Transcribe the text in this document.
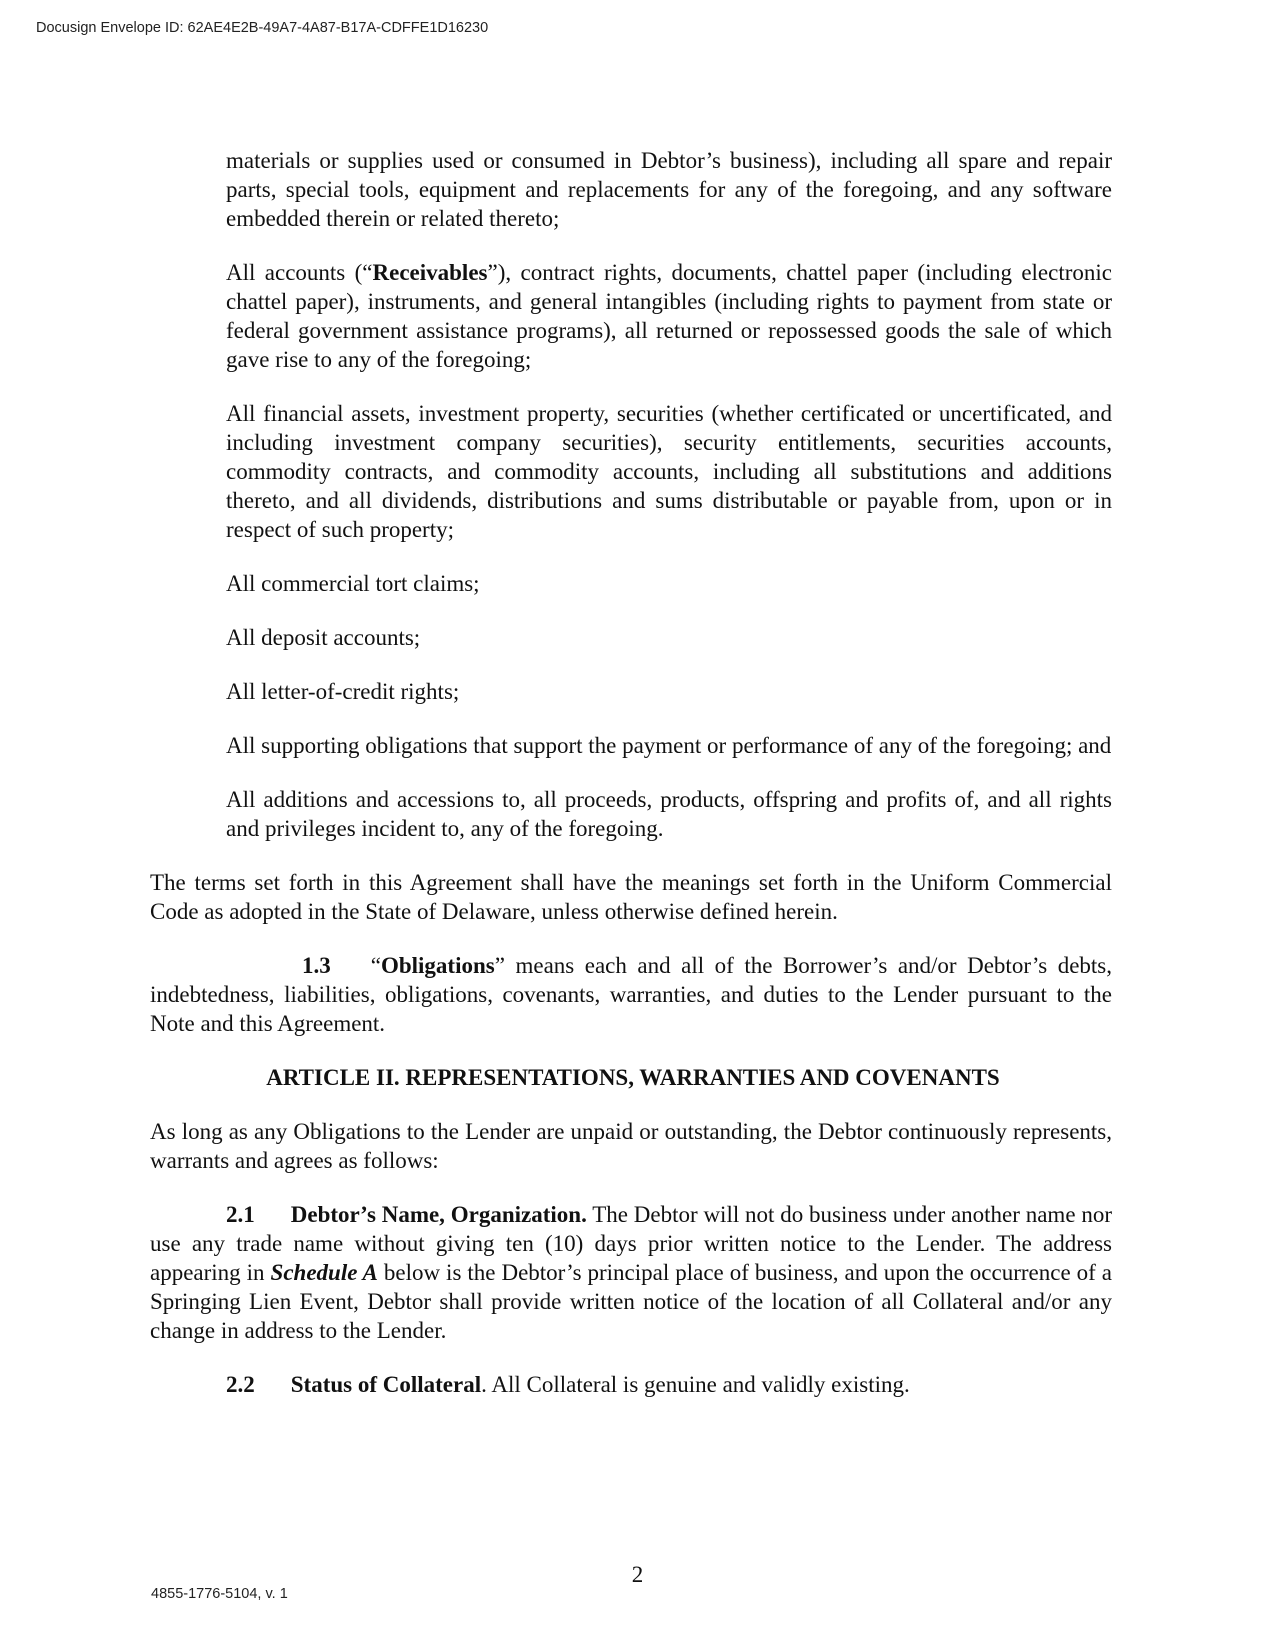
Docusign Envelope ID: 62AE4E2B-49A7-4A87-B17A-CDFFE1D16230

materials or supplies used or consumed in Debtor’s business), including all spare and repair parts, special tools, equipment and replacements for any of the foregoing, and any software embedded therein or related thereto;

All accounts (“Receivables”), contract rights, documents, chattel paper (including electronic chattel paper), instruments, and general intangibles (including rights to payment from state or federal government assistance programs), all returned or repossessed goods the sale of which gave rise to any of the foregoing;

All financial assets, investment property, securities (whether certificated or uncertificated, and including investment company securities), security entitlements, securities accounts, commodity contracts, and commodity accounts, including all substitutions and additions thereto, and all dividends, distributions and sums distributable or payable from, upon or in respect of such property;

All commercial tort claims;

All deposit accounts;

All letter-of-credit rights;

All supporting obligations that support the payment or performance of any of the foregoing; and

All additions and accessions to, all proceeds, products, offspring and profits of, and all rights and privileges incident to, any of the foregoing.

The terms set forth in this Agreement shall have the meanings set forth in the Uniform Commercial Code as adopted in the State of Delaware, unless otherwise defined herein.

1.3 “Obligations” means each and all of the Borrower’s and/or Debtor’s debts, indebtedness, liabilities, obligations, covenants, warranties, and duties to the Lender pursuant to the Note and this Agreement.

ARTICLE II. REPRESENTATIONS, WARRANTIES AND COVENANTS

As long as any Obligations to the Lender are unpaid or outstanding, the Debtor continuously represents, warrants and agrees as follows:

2.1 Debtor’s Name, Organization. The Debtor will not do business under another name nor use any trade name without giving ten (10) days prior written notice to the Lender. The address appearing in Schedule A below is the Debtor’s principal place of business, and upon the occurrence of a Springing Lien Event, Debtor shall provide written notice of the location of all Collateral and/or any change in address to the Lender.

2.2 Status of Collateral. All Collateral is genuine and validly existing.

2
4855-1776-5104, v. 1
